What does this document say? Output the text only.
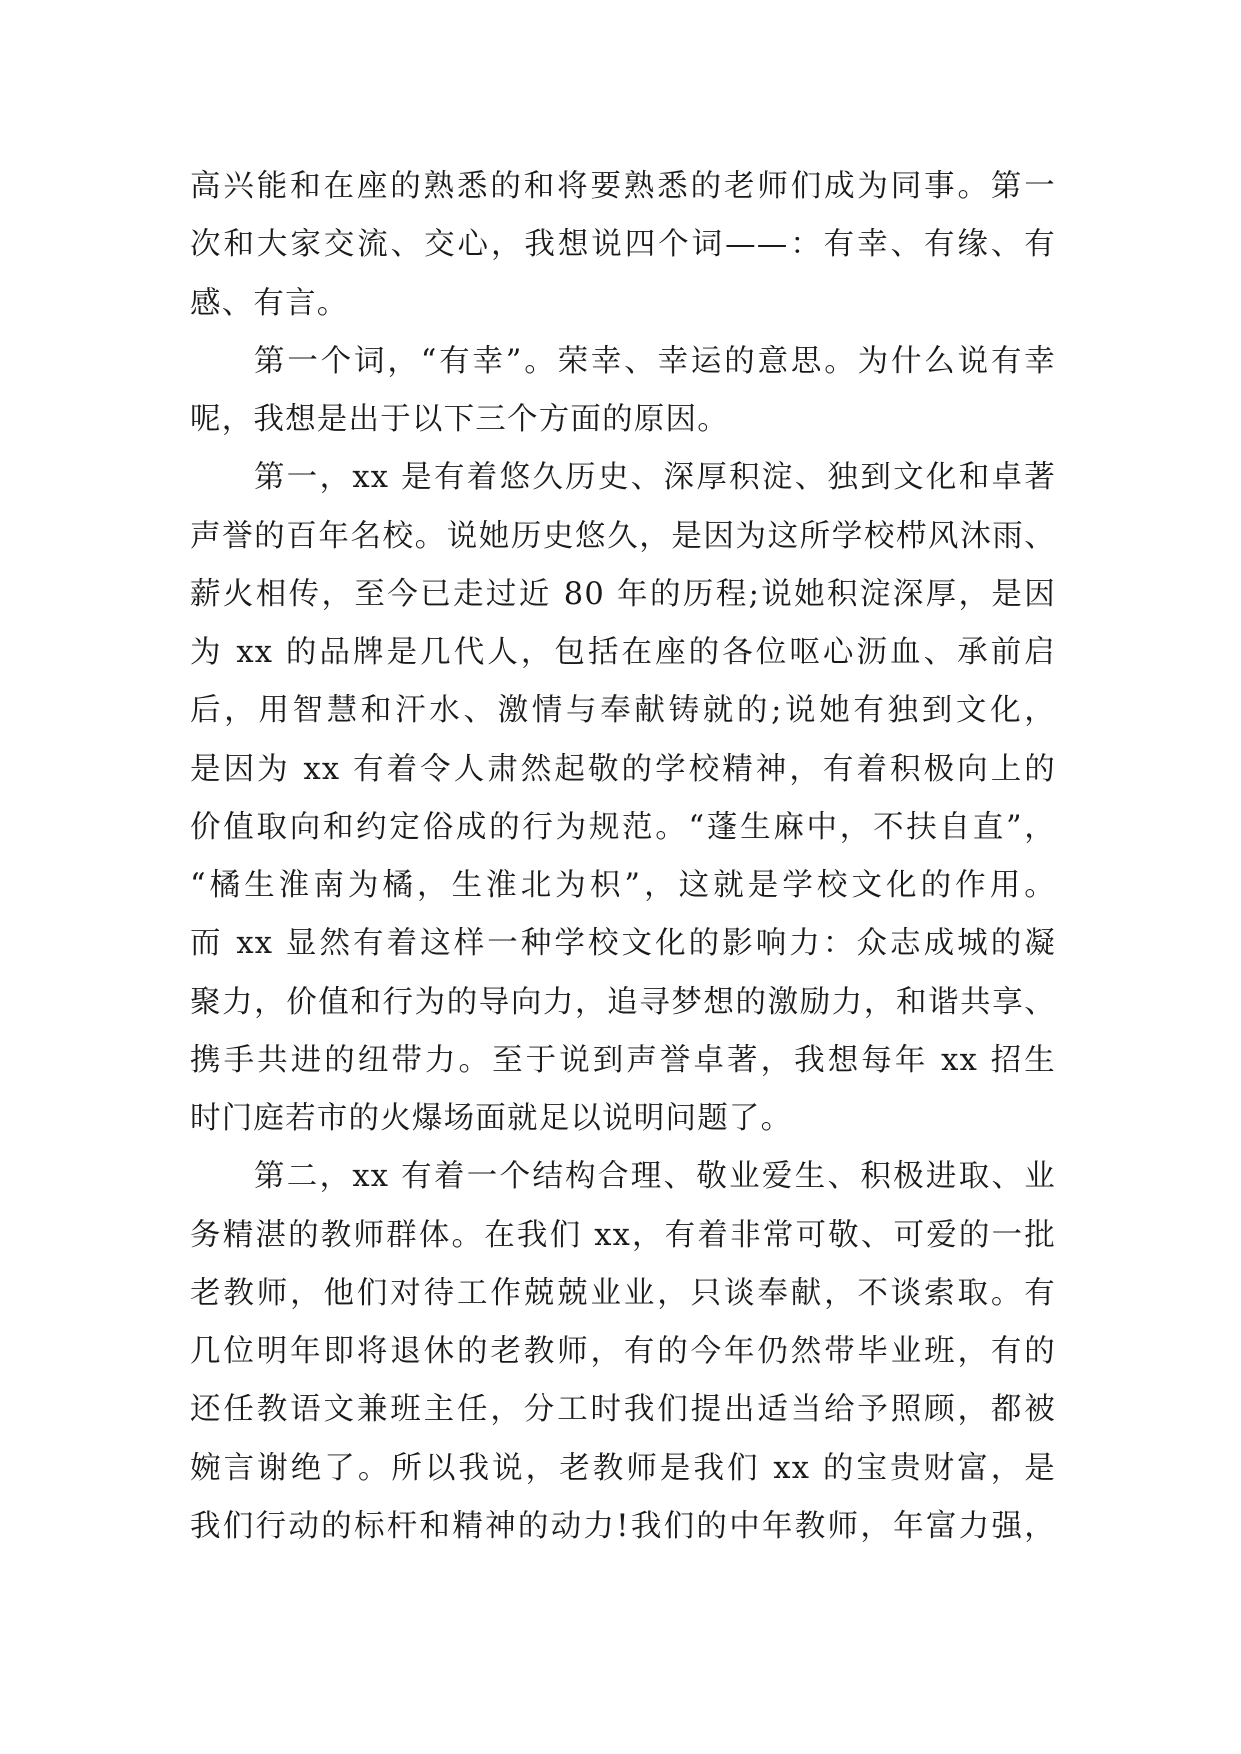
高兴能和在座的熟悉的和将要熟悉的老师们成为同事。第一
次和大家交流、交心，我想说四个词——：有幸、有缘、有
感、有言。
第一个词，“有幸”。荣幸、幸运的意思。为什么说有幸
呢，我想是出于以下三个方面的原因。
第一，xx 是有着悠久历史、深厚积淀、独到文化和卓著
声誉的百年名校。说她历史悠久，是因为这所学校栉风沐雨、
薪火相传，至今已走过近 80 年的历程;说她积淀深厚，是因
为 xx 的品牌是几代人，包括在座的各位呕心沥血、承前启
后，用智慧和汗水、激情与奉献铸就的;说她有独到文化，
是因为 xx 有着令人肃然起敬的学校精神，有着积极向上的
价值取向和约定俗成的行为规范。“蓬生麻中，不扶自直”，
“橘生淮南为橘，生淮北为枳”，这就是学校文化的作用。
而 xx 显然有着这样一种学校文化的影响力：众志成城的凝
聚力，价值和行为的导向力，追寻梦想的激励力，和谐共享、
携手共进的纽带力。至于说到声誉卓著，我想每年 xx 招生
时门庭若市的火爆场面就足以说明问题了。
第二，xx 有着一个结构合理、敬业爱生、积极进取、业
务精湛的教师群体。在我们 xx，有着非常可敬、可爱的一批
老教师，他们对待工作兢兢业业，只谈奉献，不谈索取。有
几位明年即将退休的老教师，有的今年仍然带毕业班，有的
还任教语文兼班主任，分工时我们提出适当给予照顾，都被
婉言谢绝了。所以我说，老教师是我们 xx 的宝贵财富，是
我们行动的标杆和精神的动力!我们的中年教师，年富力强，
